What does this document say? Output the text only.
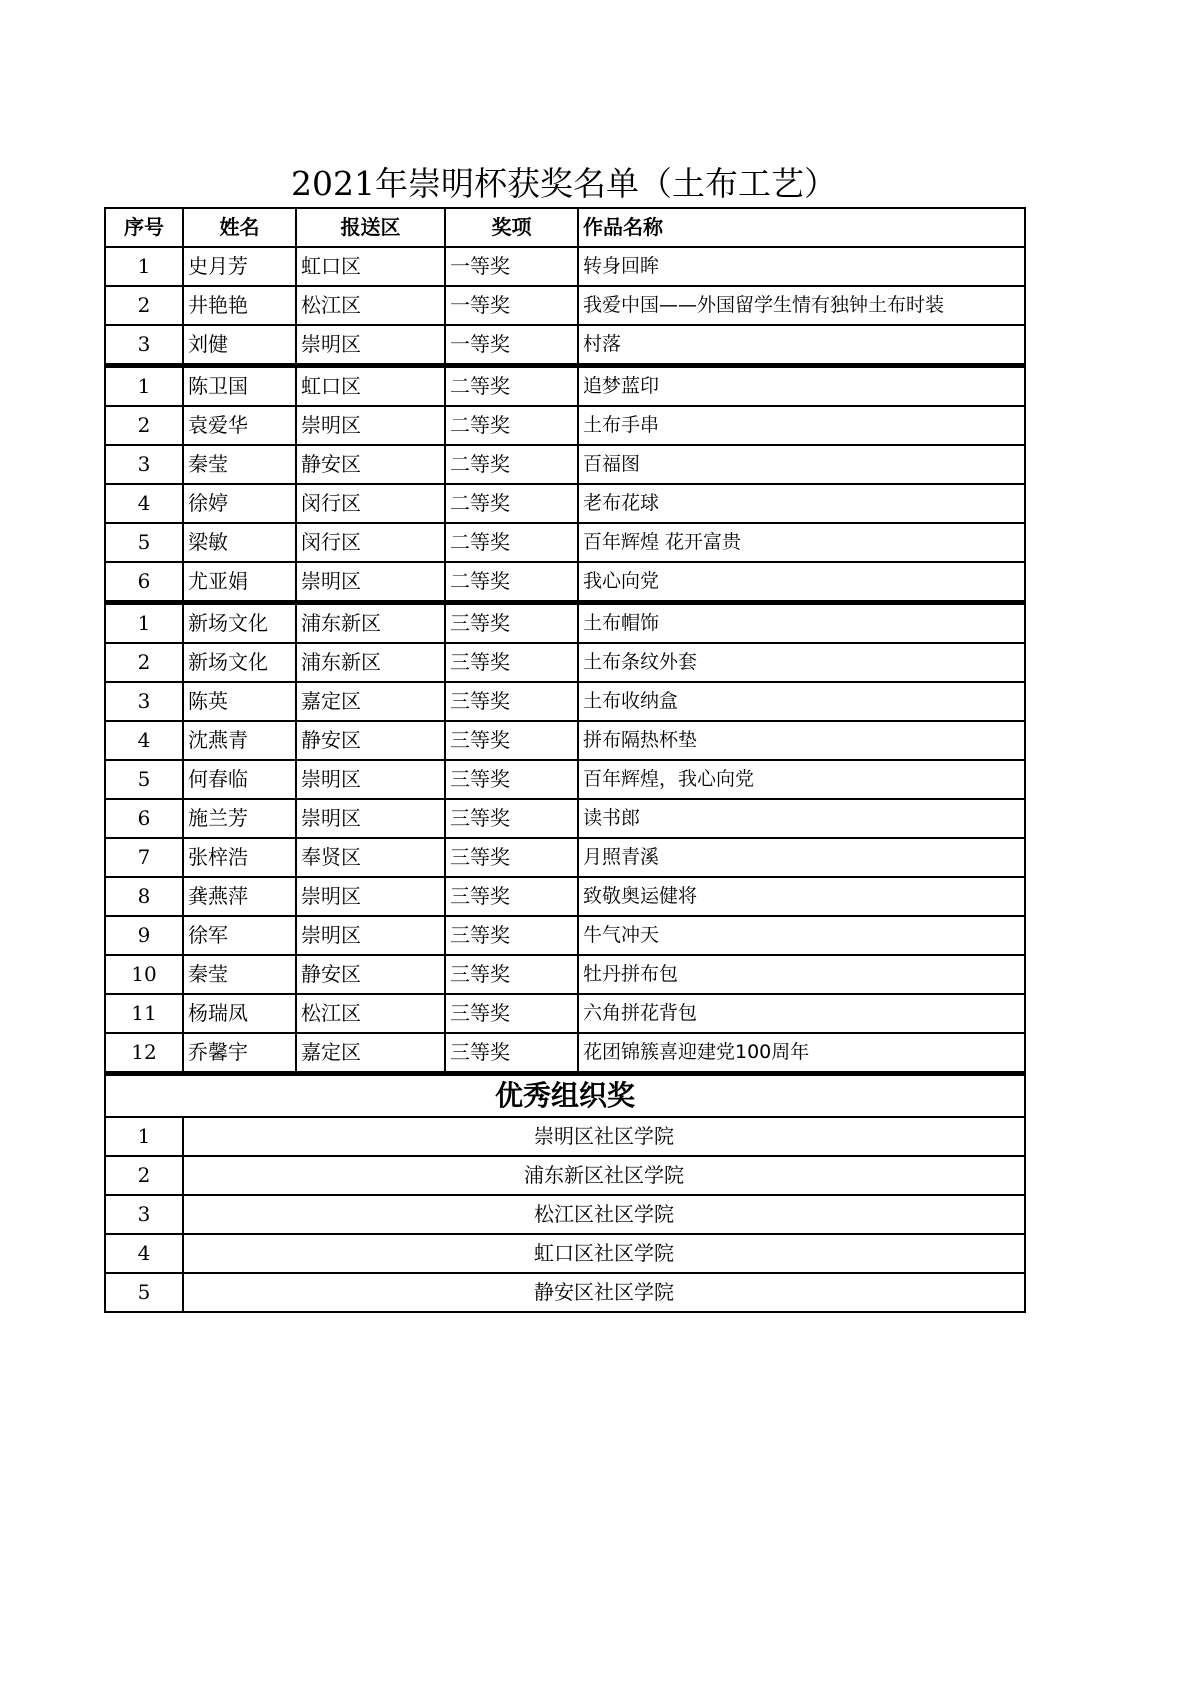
2021年崇明杯获奖名单（土布工艺）
序号	姓名	报送区	奖项	作品名称
1	史月芳	虹口区	一等奖	转身回眸
2	井艳艳	松江区	一等奖	我爱中国——外国留学生情有独钟土布时装
3	刘健	崇明区	一等奖	村落
1	陈卫国	虹口区	二等奖	追梦蓝印
2	袁爱华	崇明区	二等奖	土布手串
3	秦莹	静安区	二等奖	百福图
4	徐婷	闵行区	二等奖	老布花球
5	梁敏	闵行区	二等奖	百年辉煌 花开富贵
6	尤亚娟	崇明区	二等奖	我心向党
1	新场文化	浦东新区	三等奖	土布帽饰
2	新场文化	浦东新区	三等奖	土布条纹外套
3	陈英	嘉定区	三等奖	土布收纳盒
4	沈燕青	静安区	三等奖	拼布隔热杯垫
5	何春临	崇明区	三等奖	百年辉煌，我心向党
6	施兰芳	崇明区	三等奖	读书郎
7	张梓浩	奉贤区	三等奖	月照青溪
8	龚燕萍	崇明区	三等奖	致敬奥运健将
9	徐军	崇明区	三等奖	牛气冲天
10	秦莹	静安区	三等奖	牡丹拼布包
11	杨瑞凤	松江区	三等奖	六角拼花背包
12	乔馨宇	嘉定区	三等奖	花团锦簇喜迎建党100周年
优秀组织奖				
1	崇明区社区学院			
2	浦东新区社区学院			
3	松江区社区学院			
4	虹口区社区学院			
5	静安区社区学院			
